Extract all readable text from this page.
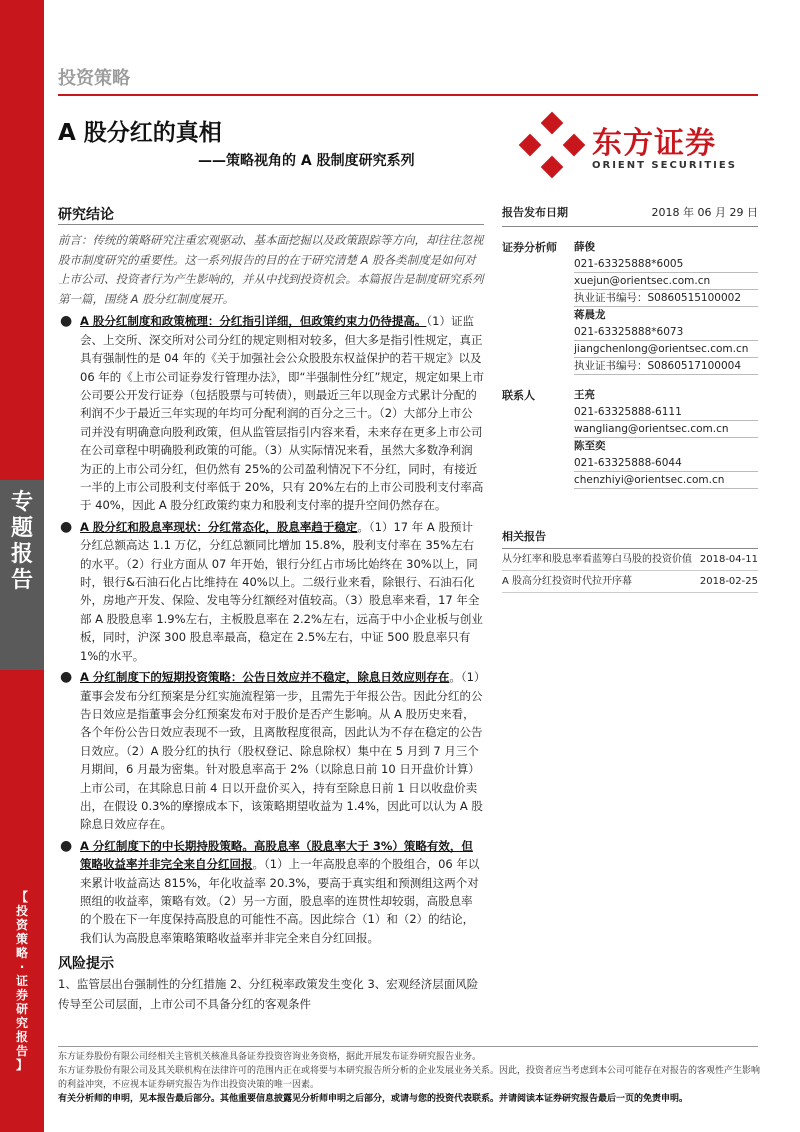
专
题
报
告
【
投
资
策
略
·
证
券
研
究
报
告
】
投资策略
A 股分红的真相
——策略视角的 A 股制度研究系列	东方证券
ORIENT SECURITIES
研究结论

前言：传统的策略研究注重宏观驱动、基本面挖掘以及政策跟踪等方向，却往往忽视股市制度研究的重要性。这一系列报告的目的在于研究清楚 A 股各类制度是如何对上市公司、投资者行为产生影响的，并从中找到投资机会。本篇报告是制度研究系列第一篇，围绕 A 股分红制度展开。

● A 股分红制度和政策梳理：分红指引详细，但政策约束力仍待提高。（1）证监会、上交所、深交所对公司分红的规定则相对较多，但大多是指引性规定，真正具有强制性的是 04 年的《关于加强社会公众股股东权益保护的若干规定》以及 06 年的《上市公司证券发行管理办法》，即“半强制性分红”规定，规定如果上市公司要公开发行证券（包括股票与可转债），则最近三年以现金方式累计分配的利润不少于最近三年实现的年均可分配利润的百分之三十。（2）大部分上市公司并没有明确意向股利政策，但从监管层指引内容来看，未来存在更多上市公司在公司章程中明确股利政策的可能。（3）从实际情况来看，虽然大多数净利润为正的上市公司分红，但仍然有 25%的公司盈利情况下不分红，同时，有接近一半的上市公司股利支付率低于 20%，只有 20%左右的上市公司股利支付率高于 40%，因此 A 股分红政策约束力和股利支付率的提升空间仍然存在。
● A 股分红和股息率现状：分红常态化，股息率趋于稳定。（1）17 年 A 股预计分红总额高达 1.1 万亿，分红总额同比增加 15.8%，股利支付率在 35%左右的水平。（2）行业方面从 07 年开始，银行分红占市场比始终在 30%以上，同时，银行&石油石化占比维持在 40%以上。二级行业来看，除银行、石油石化外，房地产开发、保险、发电等分红额经对值较高。（3）股息率来看，17 年全部 A 股股息率 1.9%左右，主板股息率在 2.2%左右，远高于中小企业板与创业板，同时，沪深 300 股息率最高，稳定在 2.5%左右，中证 500 股息率只有 1%的水平。
● A 分红制度下的短期投资策略：公告日效应并不稳定，除息日效应则存在。（1）董事会发布分红预案是分红实施流程第一步，且需先于年报公告。因此分红的公告日效应是指董事会分红预案发布对于股价是否产生影响。从 A 股历史来看，各个年份公告日效应表现不一致，且离散程度很高，因此认为不存在稳定的公告日效应。（2）A 股分红的执行（股权登记、除息除权）集中在 5 月到 7 月三个月期间，6 月最为密集。针对股息率高于 2%（以除息日前 10 日开盘价计算）上市公司，在其除息日前 4 日以开盘价买入，持有至除息日前 1 日以收盘价卖出，在假设 0.3%的摩擦成本下，该策略期望收益为 1.4%，因此可以认为 A 股除息日效应存在。
● A 分红制度下的中长期持股策略。高股息率（股息率大于 3%）策略有效，但策略收益率并非完全来自分红回报。（1）上一年高股息率的个股组合，06 年以来累计收益高达 815%，年化收益率 20.3%，要高于真实组和预测组这两个对照组的收益率，策略有效。（2）另一方面，股息率的连贯性却较弱，高股息率的个股在下一年度保持高股息的可能性不高。因此综合（1）和（2）的结论，我们认为高股息率策略策略收益率并非完全来自分红回报。
风险提示

1、监管层出台强制性的分红措施 2、分红税率政策发生变化 3、宏观经济层面风险传导至公司层面，上市公司不具备分红的客观条件

报告发布日期	2018 年 06 月 29 日
证券分析师 薛俊
021-63325888*6005
xuejun@orientsec.com.cn
执业证书编号：S0860515100002
蒋晨龙
021-63325888*6073
jiangchenlong@orientsec.com.cn
执业证书编号：S0860517100004
联系人	王亮
021-63325888-6111
wangliang@orientsec.com.cn
陈至奕
021-63325888-6044
chenzhiyi@orientsec.com.cn
相关报告
从分红率和股息率看蓝筹白马股的投资价值 2018-04-11
A 股高分红投资时代拉开序幕	2018-02-25
东方证券股份有限公司经相关主管机关核准具备证券投资咨询业务资格，据此开展发布证券研究报告业务。
东方证券股份有限公司及其关联机构在法律许可的范围内正在或将要与本研究报告所分析的企业发展业务关系。因此，投资者应当考虑到本公司可能存在对报告的客观性产生影响的利益冲突，不应视本证券研究报告为作出投资决策的唯一因素。
有关分析师的申明，见本报告最后部分。其他重要信息披露见分析师申明之后部分，或请与您的投资代表联系。并请阅读本证券研究报告最后一页的免责申明。
